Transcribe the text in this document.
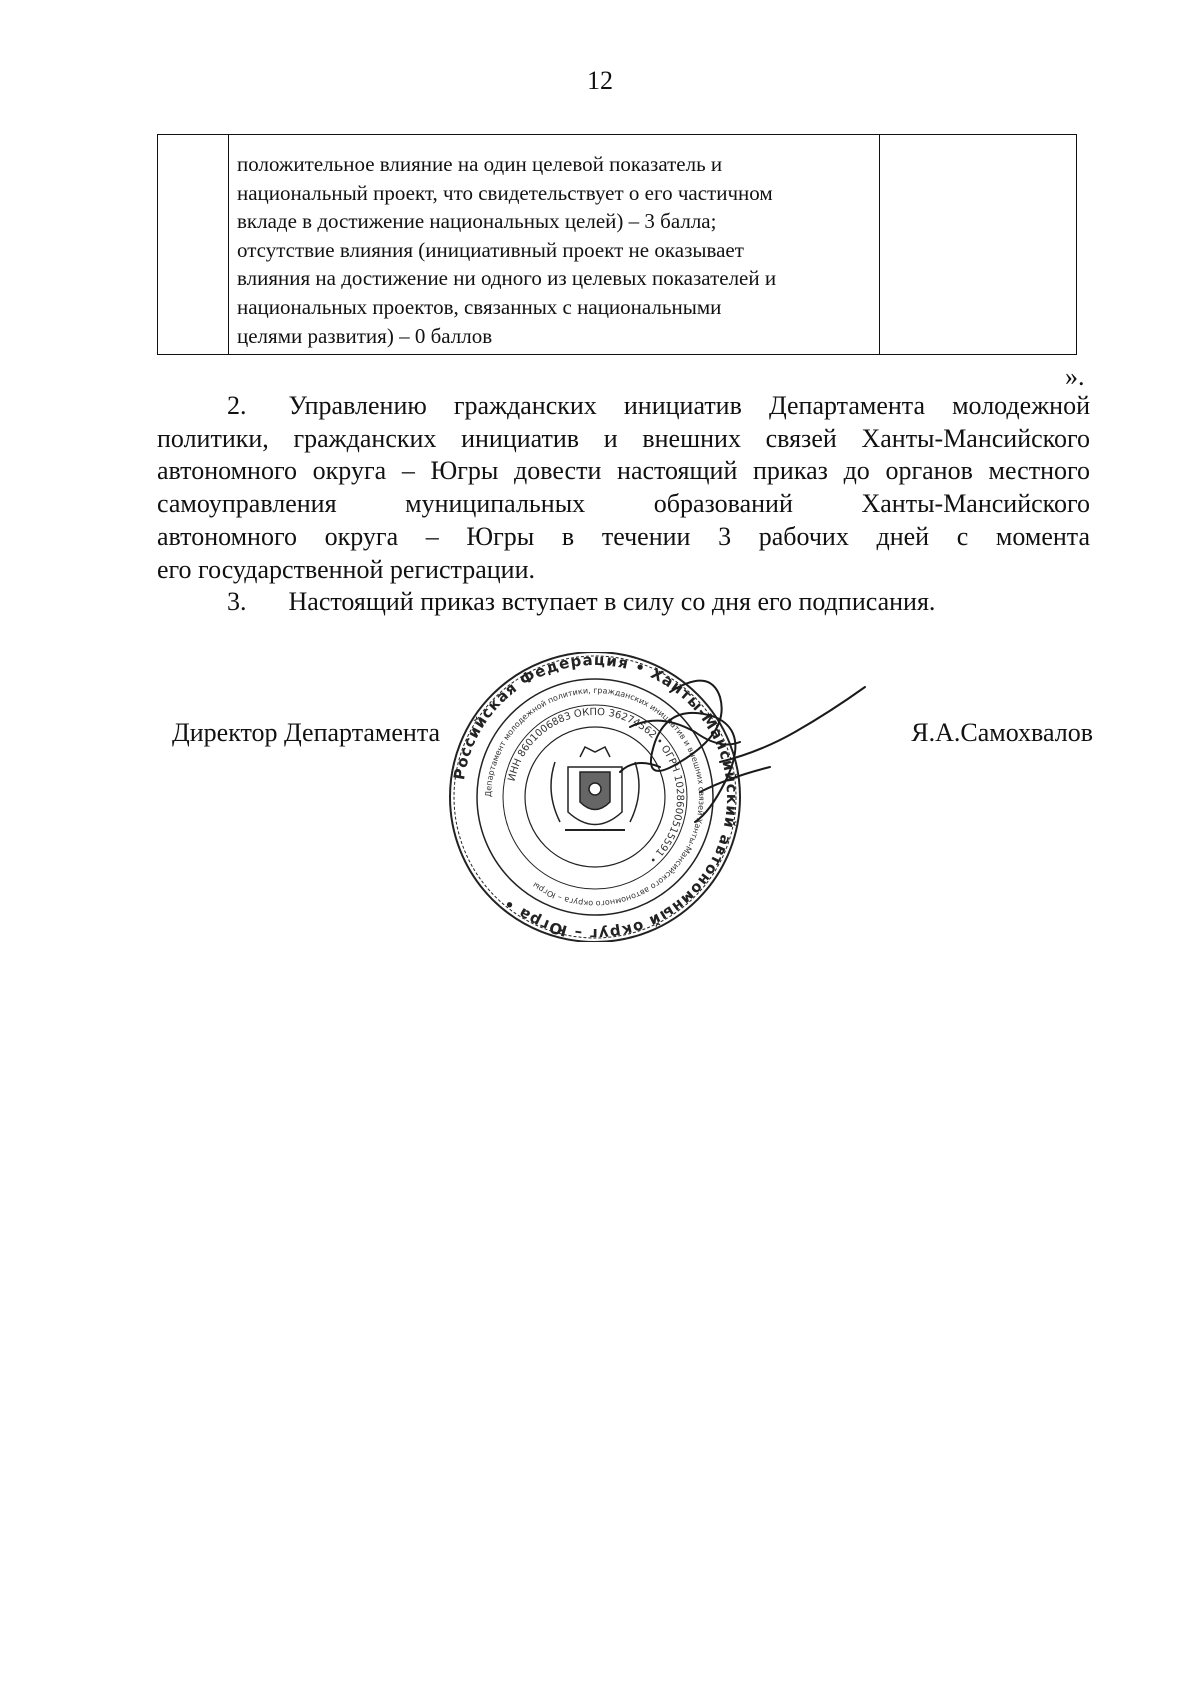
12

положительное влияние на один целевой показатель и
национальный проект, что свидетельствует о его частичном
вкладе в достижение национальных целей) – 3 балла;
отсутствие влияния (инициативный проект не оказывает
влияния на достижение ни одного из целевых показателей и
национальных проектов, связанных с национальными
целями развития) – 0 баллов

».
2. Управлению гражданских инициатив Департамента молодежной
политики, гражданских инициатив и внешних связей Ханты-Мансийского
автономного округа – Югры довести настоящий приказ до органов местного
самоуправления муниципальных образований Ханты-Мансийского
автономного округа – Югры в течении 3 рабочих дней с момента
его государственной регистрации.
3. Настоящий приказ вступает в силу со дня его подписания.
Российская Федерация • Ханты-Мансийский автономный округ – Югра •
Департамент молодежной политики, гражданских инициатив и внешних связей Ханты-Мансийского автономного округа – Югры
ИНН 8601006883 ОКПО 36274562 • ОГРН 1028600515591 •
Директор Департамента	Я.А.Самохвалов
